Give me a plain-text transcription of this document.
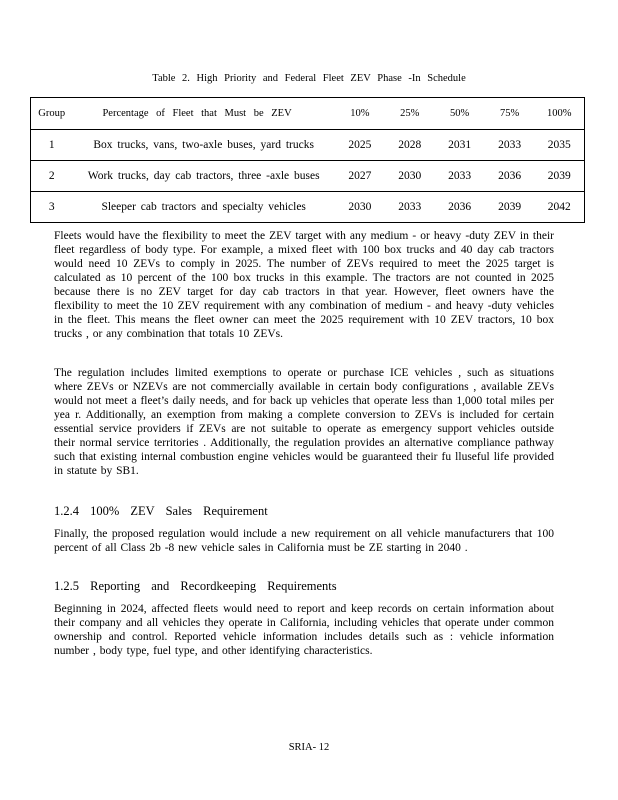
Table 2. High Priority and Federal Fleet ZEV Phase -In Schedule
Group	Percentage of Fleet that Must be ZEV	10%	25%	50%	75%	100%
1	Box trucks, vans, two-axle buses, yard trucks	2025	2028	2031	2033	2035
2	Work trucks, day cab tractors, three -axle buses	2027	2030	2033	2036	2039
3	Sleeper cab tractors and specialty vehicles	2030	2033	2036	2039	2042

Fleets would have the flexibility to meet the ZEV target with any medium - or heavy -duty ZEV in their fleet regardless of body type. For example, a mixed fleet with 100 box trucks and 40 day cab tractors would need 10 ZEVs to comply in 2025. The number of ZEVs required to meet the 2025 target is calculated as 10 percent of the 100 box trucks in this example. The tractors are not counted in 2025 because there is no ZEV target for day cab tractors in that year. However, fleet owners have the flexibility to meet the 10 ZEV requirement with any combination of medium - and heavy -duty vehicles in the fleet. This means the fleet owner can meet the 2025 requirement with 10 ZEV tractors, 10 box trucks , or any combination that totals 10 ZEVs.

The regulation includes limited exemptions to operate or purchase ICE vehicles , such as situations where ZEVs or NZEVs are not commercially available in certain body configurations , available ZEVs would not meet a fleet’s daily needs, and for back up vehicles that operate less than 1,000 total miles per yea r. Additionally, an exemption from making a complete conversion to ZEVs is included for certain essential service providers if ZEVs are not suitable to operate as emergency support vehicles outside their normal service territories . Additionally, the regulation provides an alternative compliance pathway such that existing internal combustion engine vehicles would be guaranteed their fu lluseful life provided in statute by SB1.

1.2.4 100% ZEV Sales Requirement

Finally, the proposed regulation would include a new requirement on all vehicle manufacturers that 100 percent of all Class 2b -8 new vehicle sales in California must be ZE starting in 2040 .

1.2.5 Reporting and Recordkeeping Requirements

Beginning in 2024, affected fleets would need to report and keep records on certain information about their company and all vehicles they operate in California, including vehicles that operate under common ownership and control. Reported vehicle information includes details such as : vehicle information number , body type, fuel type, and other identifying characteristics.

SRIA- 12
